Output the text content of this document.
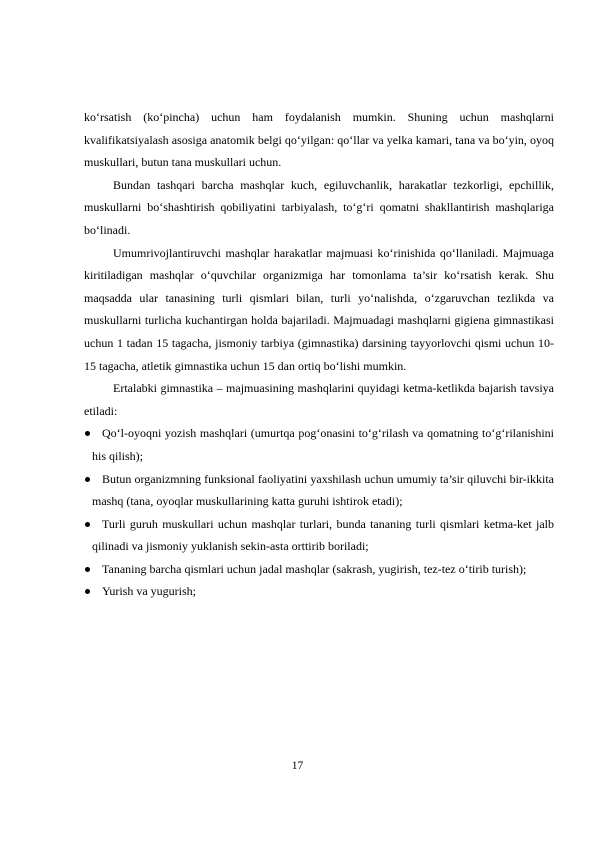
ko‘rsatish (ko‘pincha) uchun ham foydalanish mumkin. Shuning uchun mashqlarni kvalifikatsiyalash asosiga anatomik belgi qo‘yilgan: qo‘llar va yelka kamari, tana va bo‘yin, oyoq muskullari, butun tana muskullari uchun.

Bundan tashqari barcha mashqlar kuch, egiluvchanlik, harakatlar tezkorligi, epchillik, muskullarni bo‘shashtirish qobiliyatini tarbiyalash, to‘g‘ri qomatni shakllantirish mashqlariga bo‘linadi.

Umumrivojlantiruvchi mashqlar harakatlar majmuasi ko‘rinishida qo‘llaniladi. Majmuaga kiritiladigan mashqlar o‘quvchilar organizmiga har tomonlama ta’sir ko‘rsatish kerak. Shu maqsadda ular tanasining turli qismlari bilan, turli yo‘nalishda, o‘zgaruvchan tezlikda va muskullarni turlicha kuchantirgan holda bajariladi. Majmuadagi mashqlarni gigiena gimnastikasi uchun 1 tadan 15 tagacha, jismoniy tarbiya (gimnastika) darsining tayyorlovchi qismi uchun 10-15 tagacha, atletik gimnastika uchun 15 dan ortiq bo‘lishi mumkin.

Ertalabki gimnastika – majmuasining mashqlarini quyidagi ketma-ketlikda bajarish tavsiya etiladi:

Qo‘l-oyoqni yozish mashqlari (umurtqa pog‘onasini to‘g‘rilash va qomatning to‘g‘rilanishini his qilish);
Butun organizmning funksional faoliyatini yaxshilash uchun umumiy ta’sir qiluvchi bir-ikkita mashq (tana, oyoqlar muskullarining katta guruhi ishtirok etadi);
Turli guruh muskullari uchun mashqlar turlari, bunda tananing turli qismlari ketma-ket jalb qilinadi va jismoniy yuklanish sekin-asta orttirib boriladi;
Tananing barcha qismlari uchun jadal mashqlar (sakrash, yugirish, tez-tez o‘tirib turish);
Yurish va yugurish;
17
